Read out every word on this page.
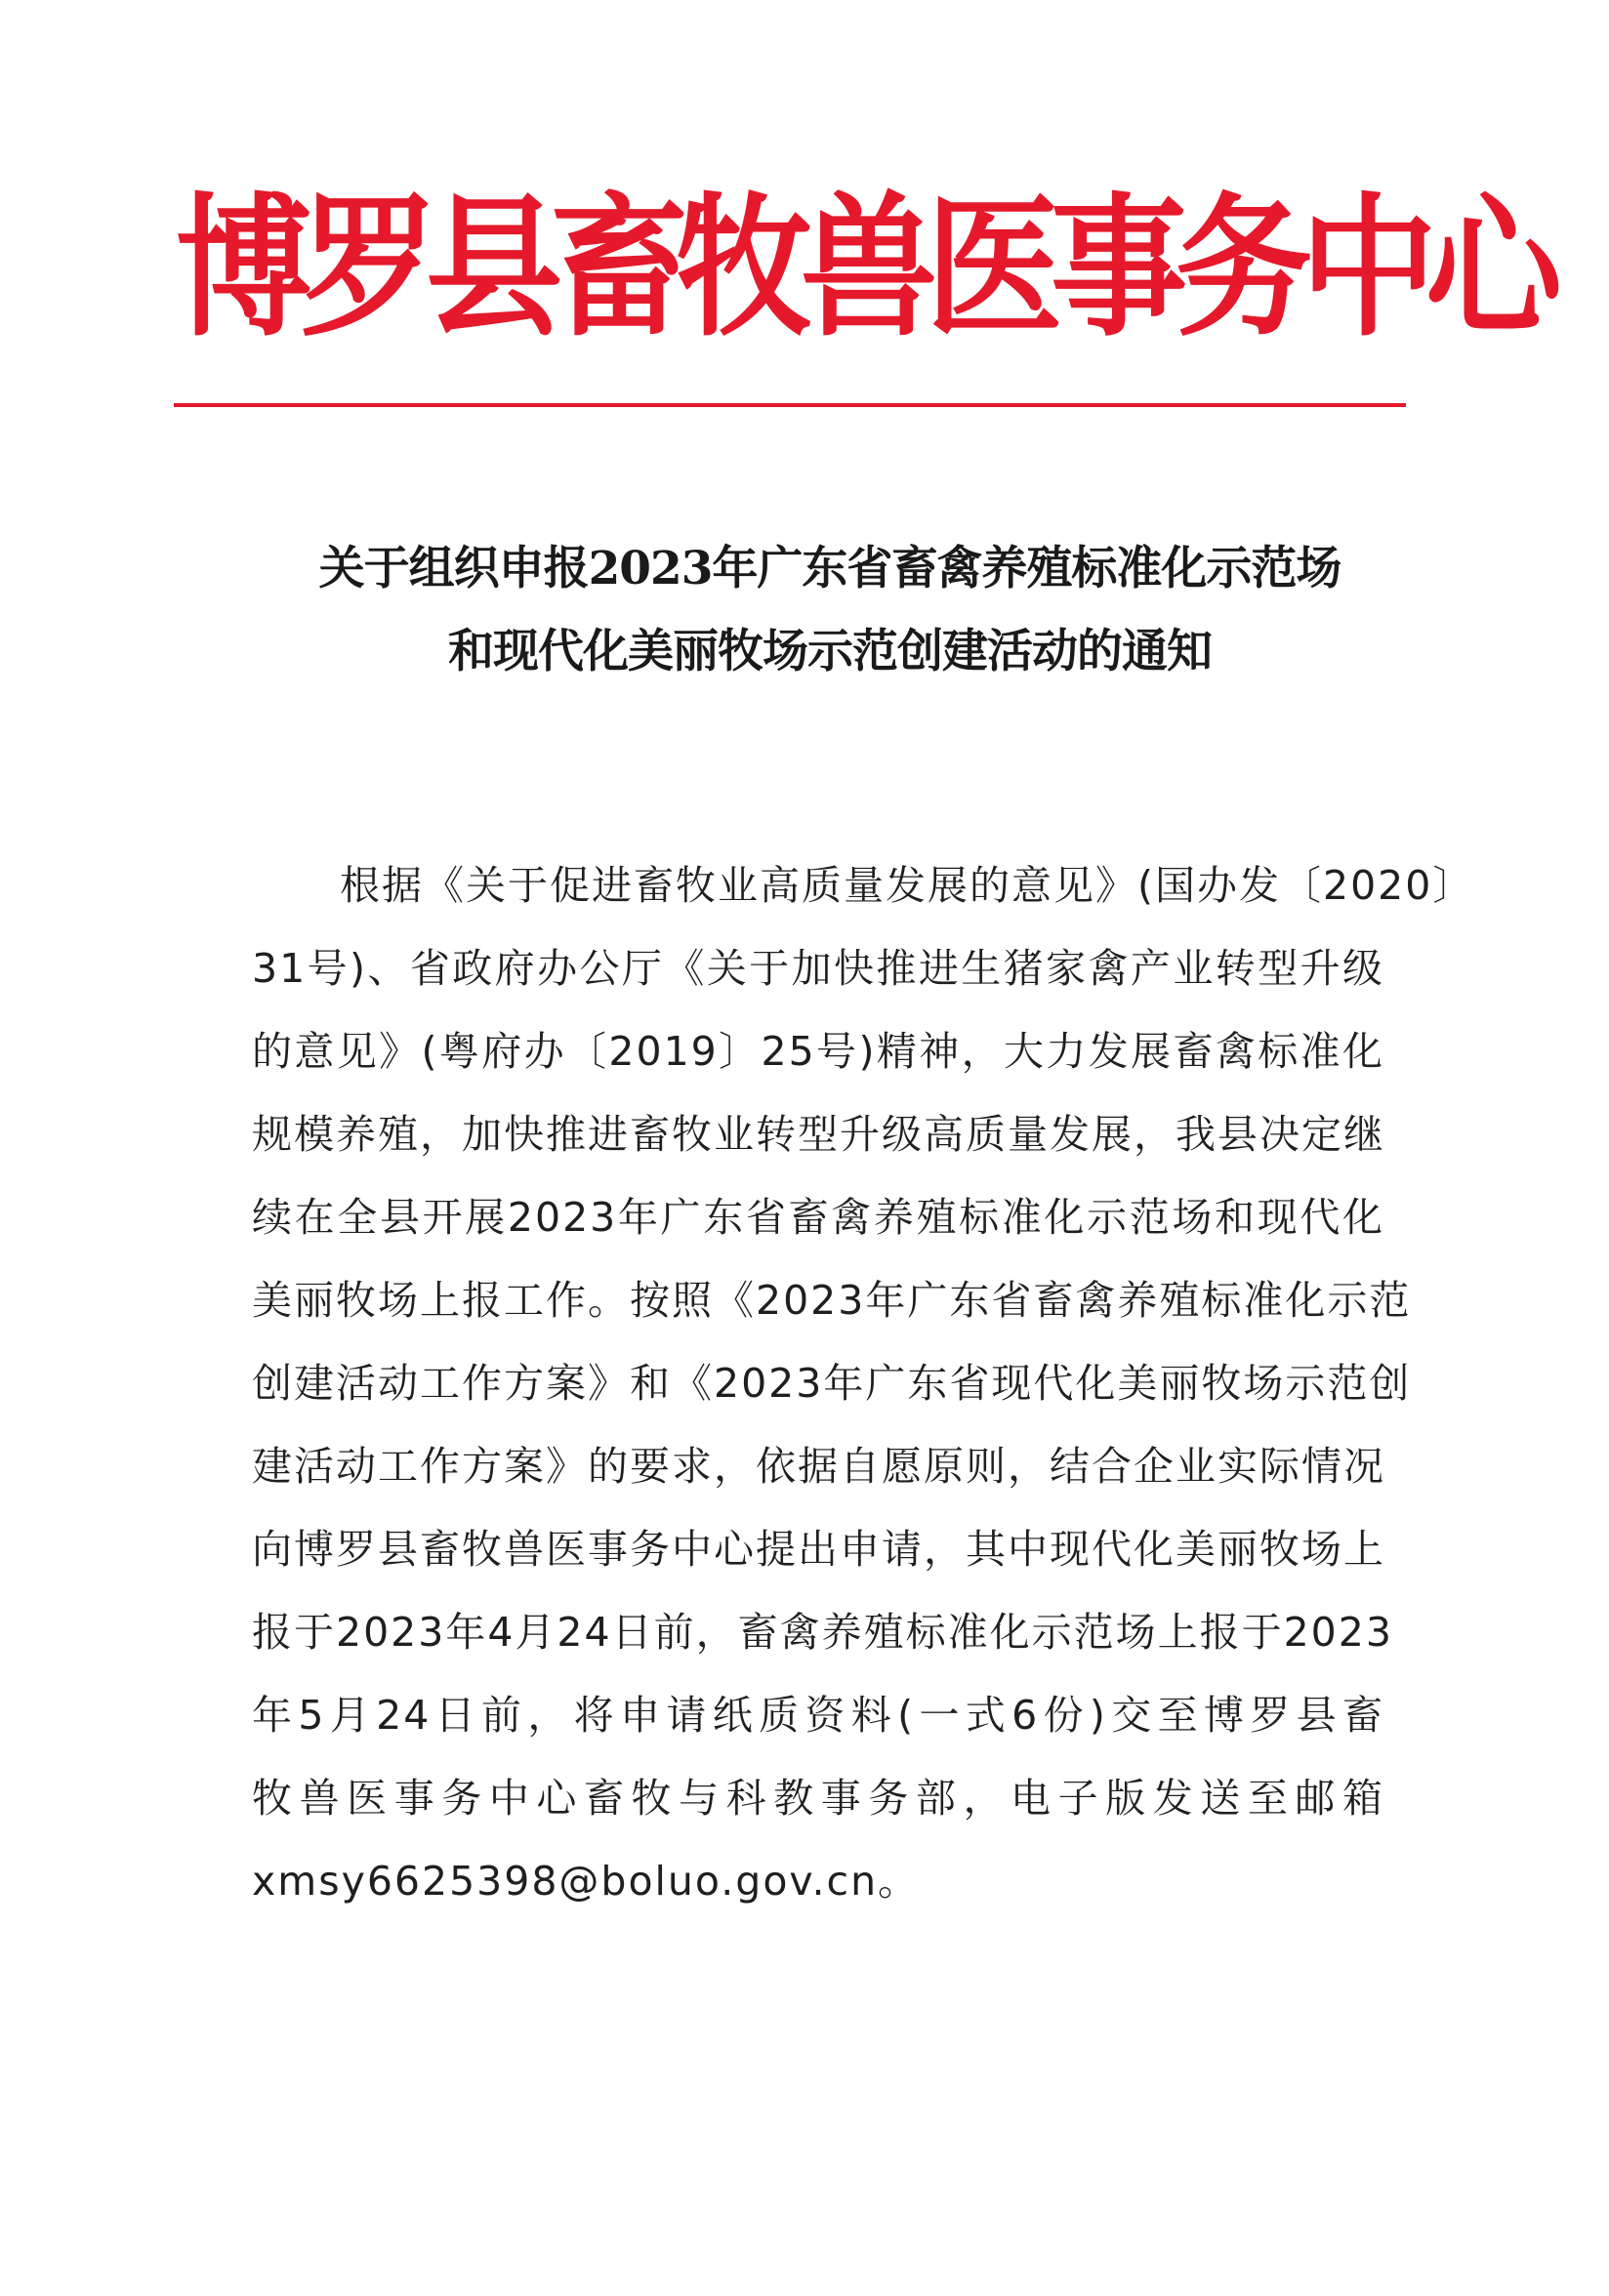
博罗县畜牧兽医事务中心
关于组织申报2023年广东省畜禽养殖标准化示范场
和现代化美丽牧场示范创建活动的通知
根据《关于促进畜牧业高质量发展的意见》(国办发〔2020〕
31号)、省政府办公厅《关于加快推进生猪家禽产业转型升级
的意见》(粤府办〔2019〕25号)精神，大力发展畜禽标准化
规模养殖，加快推进畜牧业转型升级高质量发展，我县决定继
续在全县开展2023年广东省畜禽养殖标准化示范场和现代化
美丽牧场上报工作。按照《2023年广东省畜禽养殖标准化示范
创建活动工作方案》和《2023年广东省现代化美丽牧场示范创
建活动工作方案》的要求，依据自愿原则，结合企业实际情况
向博罗县畜牧兽医事务中心提出申请，其中现代化美丽牧场上
报于2023年4月24日前，畜禽养殖标准化示范场上报于2023
年5月24日前，将申请纸质资料(一式6份)交至博罗县畜
牧兽医事务中心畜牧与科教事务部，电子版发送至邮箱
xmsy6625398@boluo.gov.cn。
